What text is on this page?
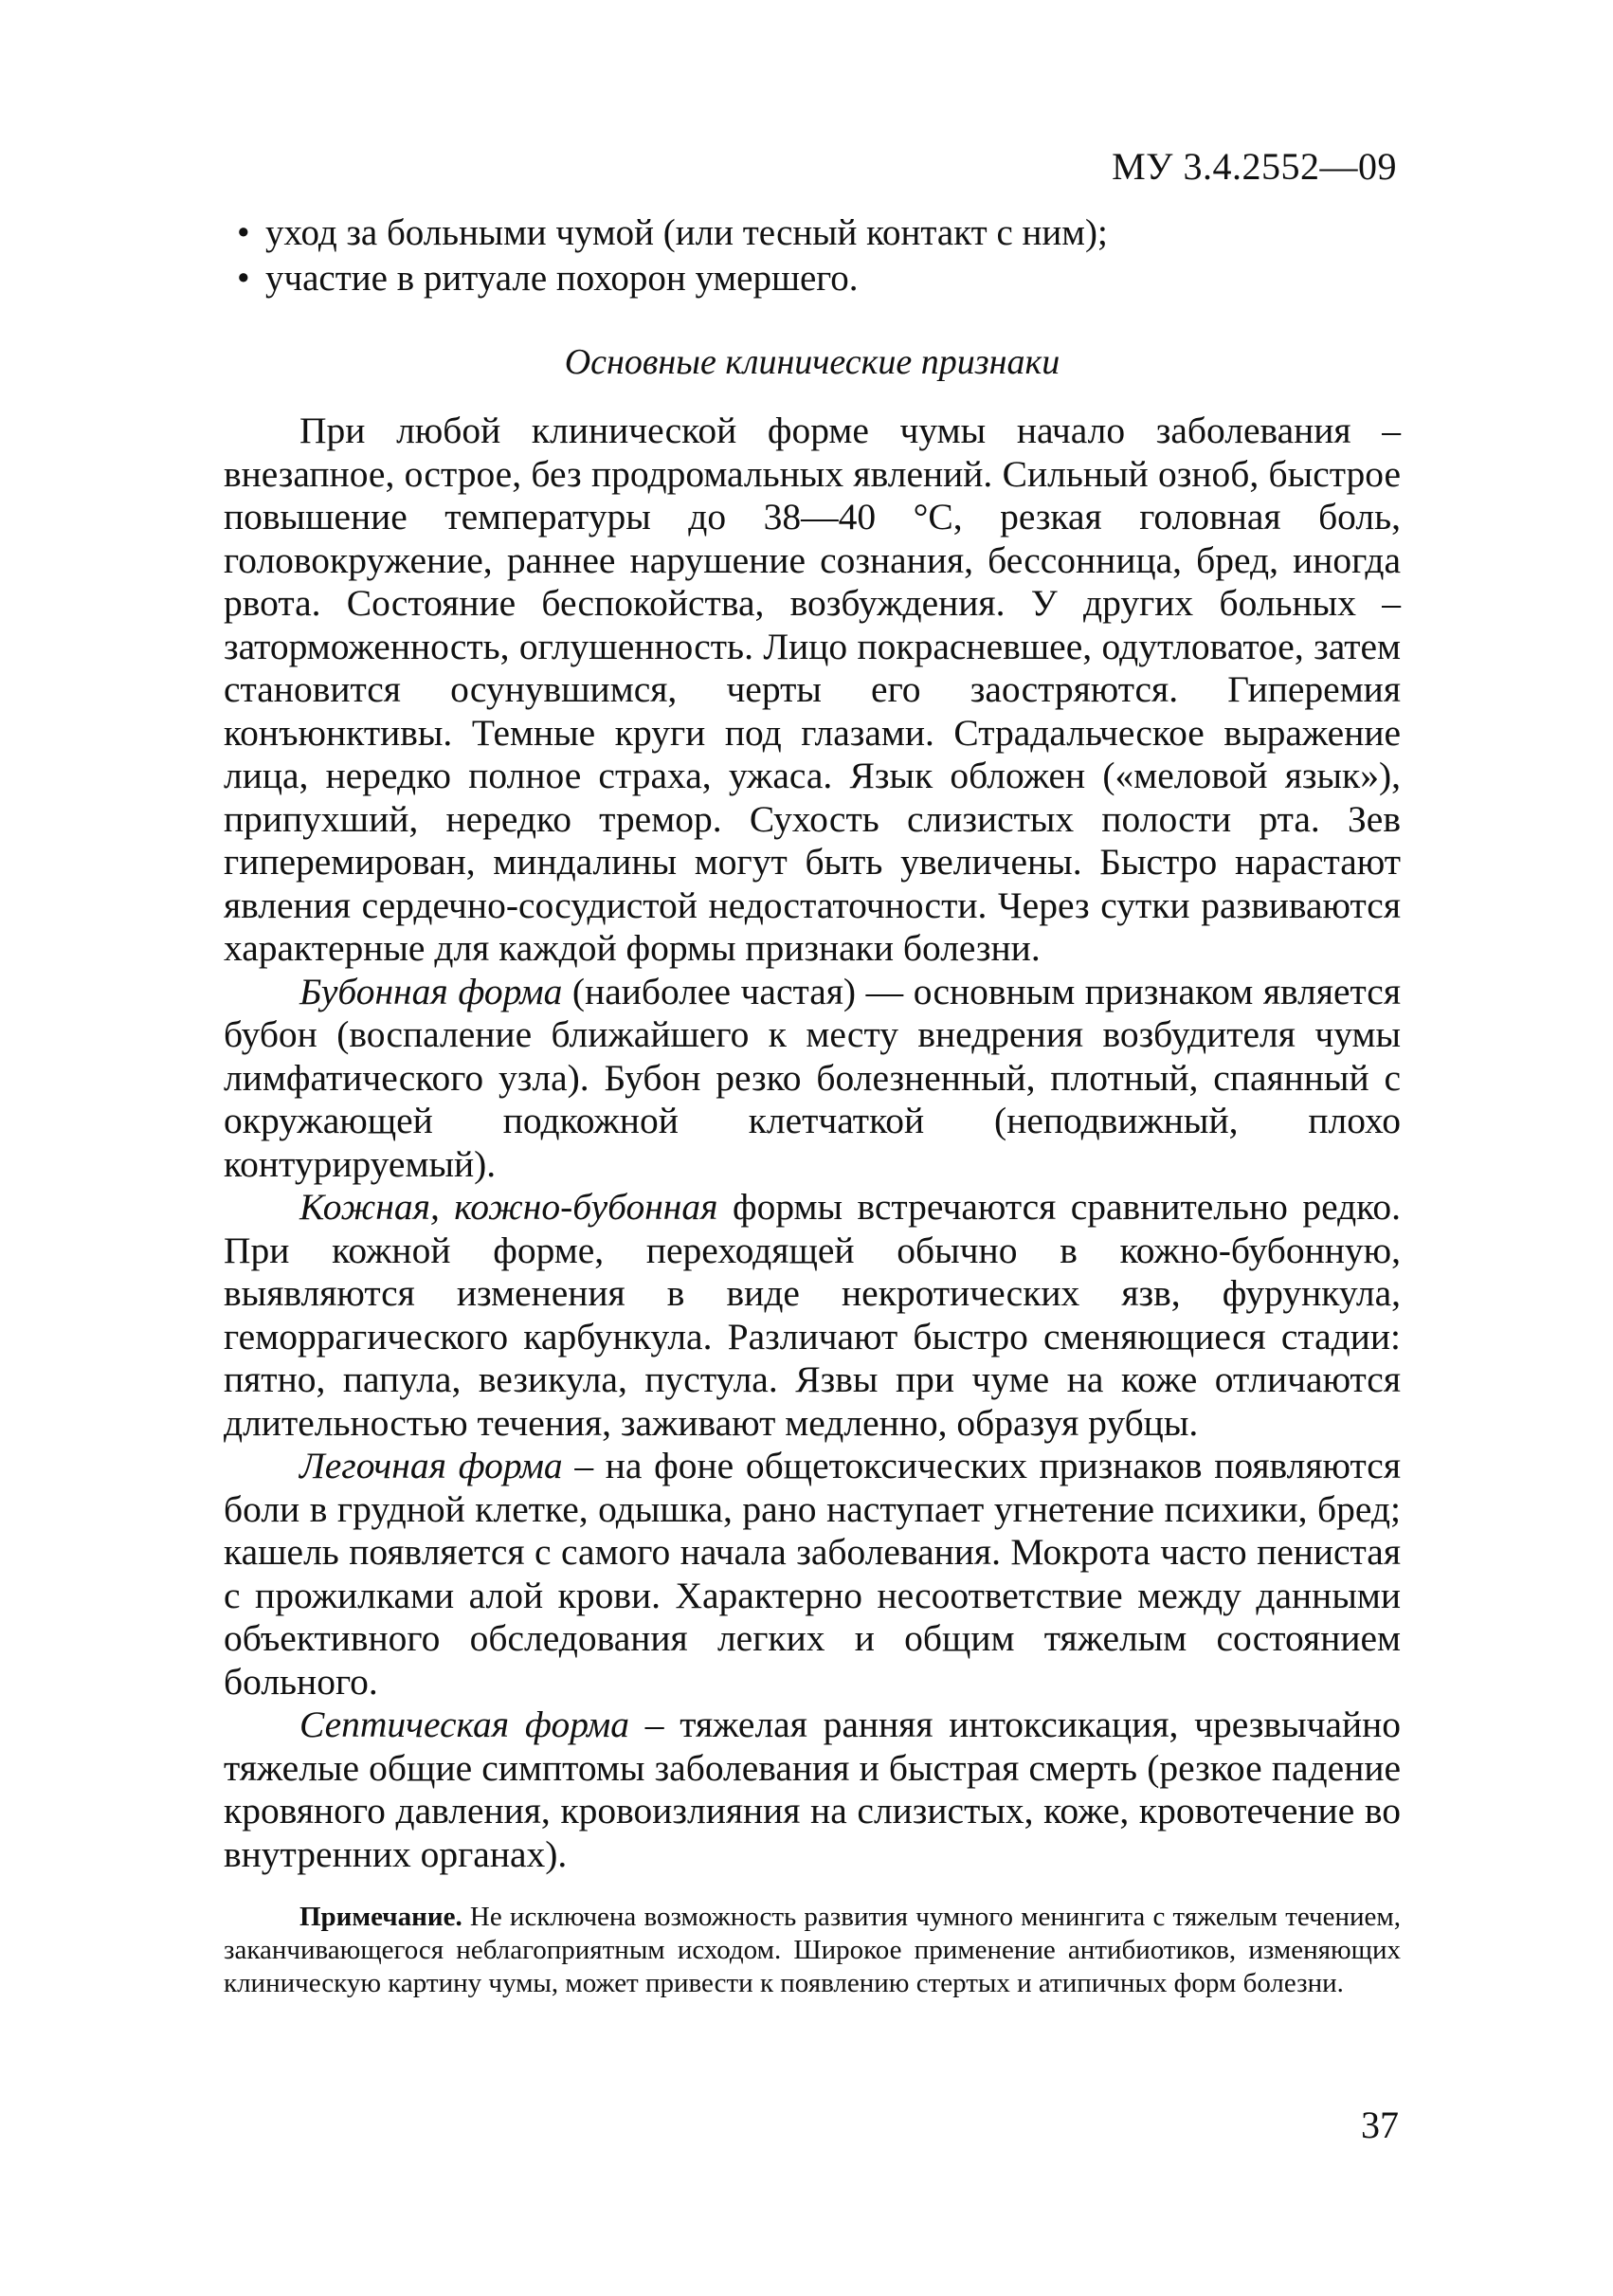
МУ 3.4.2552—09
• уход за больными чумой (или тесный контакт с ним);
• участие в ритуале похорон умершего.
Основные клинические признаки

При любой клинической форме чумы начало заболевания – внезапное, острое, без продромальных явлений. Сильный озноб, быстрое повышение температуры до 38—40 °С, резкая головная боль, головокружение, раннее нарушение сознания, бессонница, бред, иногда рвота. Состояние беспокойства, возбуждения. У других больных – заторможенность, оглушенность. Лицо покрасневшее, одутловатое, затем становится осунувшимся, черты его заостряются. Гиперемия конъюнктивы. Темные круги под глазами. Страдальческое выражение лица, нередко полное страха, ужаса. Язык обложен («меловой язык»), припухший, нередко тремор. Сухость слизистых полости рта. Зев гиперемирован, миндалины могут быть увеличены. Быстро нарастают явления сердечно-сосудистой недостаточности. Через сутки развиваются характерные для каждой формы признаки болезни.

Бубонная форма (наиболее частая) — основным признаком является бубон (воспаление ближайшего к месту внедрения возбудителя чумы лимфатического узла). Бубон резко болезненный, плотный, спаянный с окружающей подкожной клетчаткой (неподвижный, плохо контурируемый).

Кожная, кожно-бубонная формы встречаются сравнительно редко. При кожной форме, переходящей обычно в кожно-бубонную, выявляются изменения в виде некротических язв, фурункула, геморрагического карбункула. Различают быстро сменяющиеся стадии: пятно, папула, везикула, пустула. Язвы при чуме на коже отличаются длительностью течения, заживают медленно, образуя рубцы.

Легочная форма – на фоне общетоксических признаков появляются боли в грудной клетке, одышка, рано наступает угнетение психики, бред; кашель появляется с самого начала заболевания. Мокрота часто пенистая с прожилками алой крови. Характерно несоответствие между данными объективного обследования легких и общим тяжелым состоянием больного.

Септическая форма – тяжелая ранняя интоксикация, чрезвычайно тяжелые общие симптомы заболевания и быстрая смерть (резкое падение кровяного давления, кровоизлияния на слизистых, коже, кровотечение во внутренних органах).

Примечание. Не исключена возможность развития чумного менингита с тяжелым течением, заканчивающегося неблагоприятным исходом. Широкое применение антибиотиков, изменяющих клиническую картину чумы, может привести к появлению стертых и атипичных форм болезни.

37
